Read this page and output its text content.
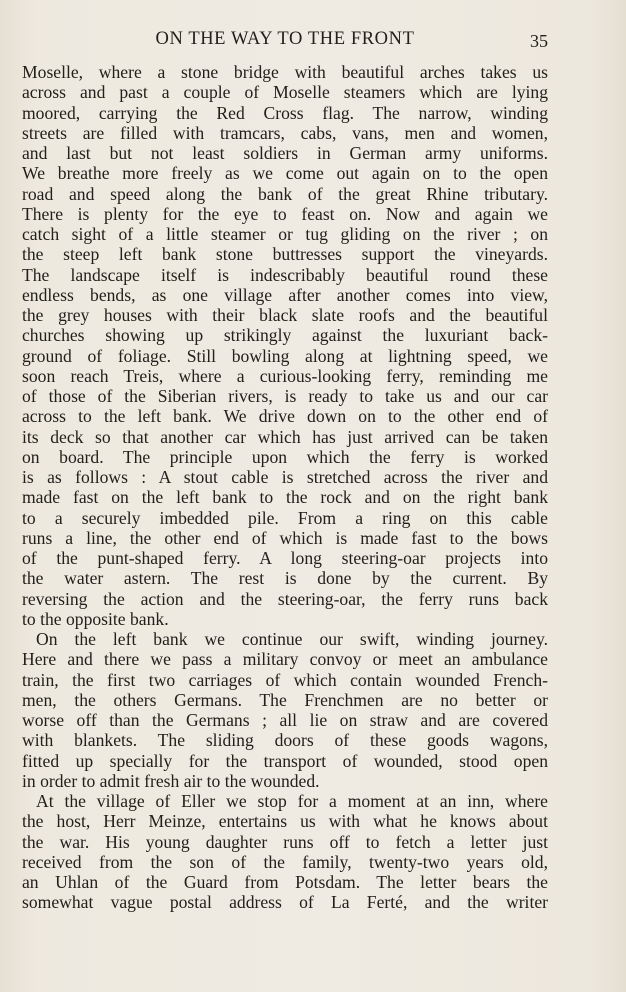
ON THE WAY TO THE FRONT	35
Moselle, where a stone bridge with beautiful arches takes us
across and past a couple of Moselle steamers which are lying
moored, carrying the Red Cross flag. The narrow, winding
streets are filled with tramcars, cabs, vans, men and women,
and last but not least soldiers in German army uniforms.
We breathe more freely as we come out again on to the open
road and speed along the bank of the great Rhine tributary.
There is plenty for the eye to feast on. Now and again we
catch sight of a little steamer or tug gliding on the river ; on
the steep left bank stone buttresses support the vineyards.
The landscape itself is indescribably beautiful round these
endless bends, as one village after another comes into view,
the grey houses with their black slate roofs and the beautiful
churches showing up strikingly against the luxuriant back-
ground of foliage. Still bowling along at lightning speed, we
soon reach Treis, where a curious-looking ferry, reminding me
of those of the Siberian rivers, is ready to take us and our car
across to the left bank. We drive down on to the other end of
its deck so that another car which has just arrived can be taken
on board. The principle upon which the ferry is worked
is as follows : A stout cable is stretched across the river and
made fast on the left bank to the rock and on the right bank
to a securely imbedded pile. From a ring on this cable
runs a line, the other end of which is made fast to the bows
of the punt-shaped ferry. A long steering-oar projects into
the water astern. The rest is done by the current. By
reversing the action and the steering-oar, the ferry runs back
to the opposite bank.
On the left bank we continue our swift, winding journey.
Here and there we pass a military convoy or meet an ambulance
train, the first two carriages of which contain wounded French-
men, the others Germans. The Frenchmen are no better or
worse off than the Germans ; all lie on straw and are covered
with blankets. The sliding doors of these goods wagons,
fitted up specially for the transport of wounded, stood open
in order to admit fresh air to the wounded.
At the village of Eller we stop for a moment at an inn, where
the host, Herr Meinze, entertains us with what he knows about
the war. His young daughter runs off to fetch a letter just
received from the son of the family, twenty-two years old,
an Uhlan of the Guard from Potsdam. The letter bears the
somewhat vague postal address of La Ferté, and the writer
